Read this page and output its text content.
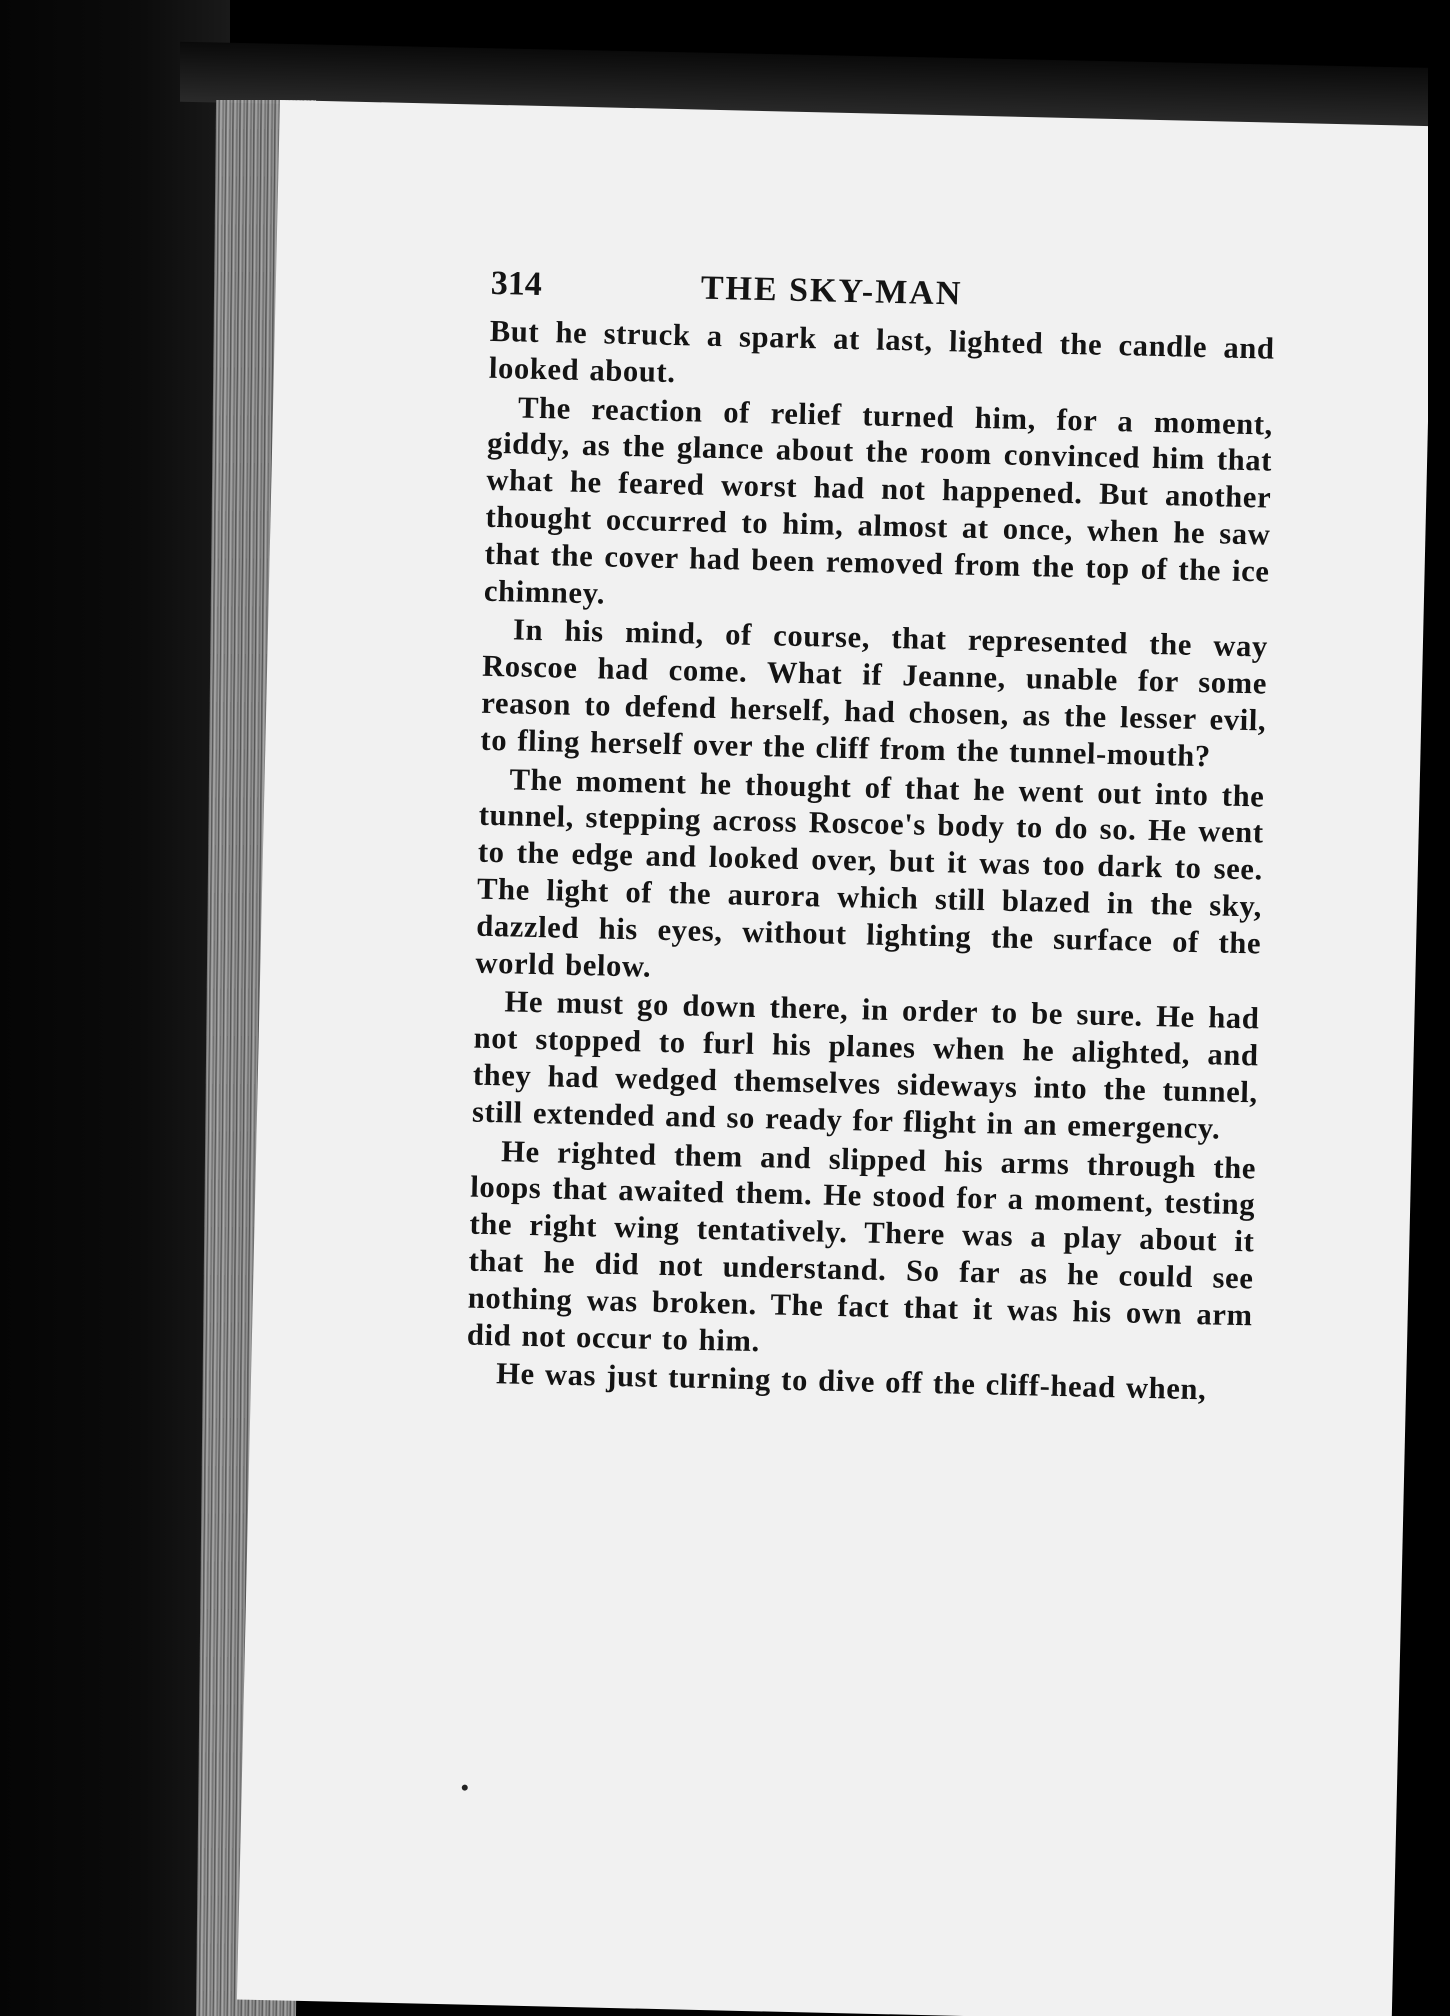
314	THE SKY-MAN

But he struck a spark at last, lighted the candle and looked about.

The reaction of relief turned him, for a moment, giddy, as the glance about the room convinced him that what he feared worst had not happened. But another thought occurred to him, almost at once, when he saw that the cover had been removed from the top of the ice chimney.

In his mind, of course, that represented the way Roscoe had come. What if Jeanne, unable for some reason to defend herself, had chosen, as the lesser evil, to fling herself over the cliff from the tunnel-mouth?

The moment he thought of that he went out into the tunnel, stepping across Roscoe's body to do so. He went to the edge and looked over, but it was too dark to see. The light of the aurora which still blazed in the sky, dazzled his eyes, without lighting the surface of the world below.

He must go down there, in order to be sure. He had not stopped to furl his planes when he alighted, and they had wedged themselves sideways into the tunnel, still extended and so ready for flight in an emergency.

He righted them and slipped his arms through the loops that awaited them. He stood for a moment, testing the right wing tentatively. There was a play about it that he did not understand. So far as he could see nothing was broken. The fact that it was his own arm did not occur to him.

He was just turning to dive off the cliff-head when,
